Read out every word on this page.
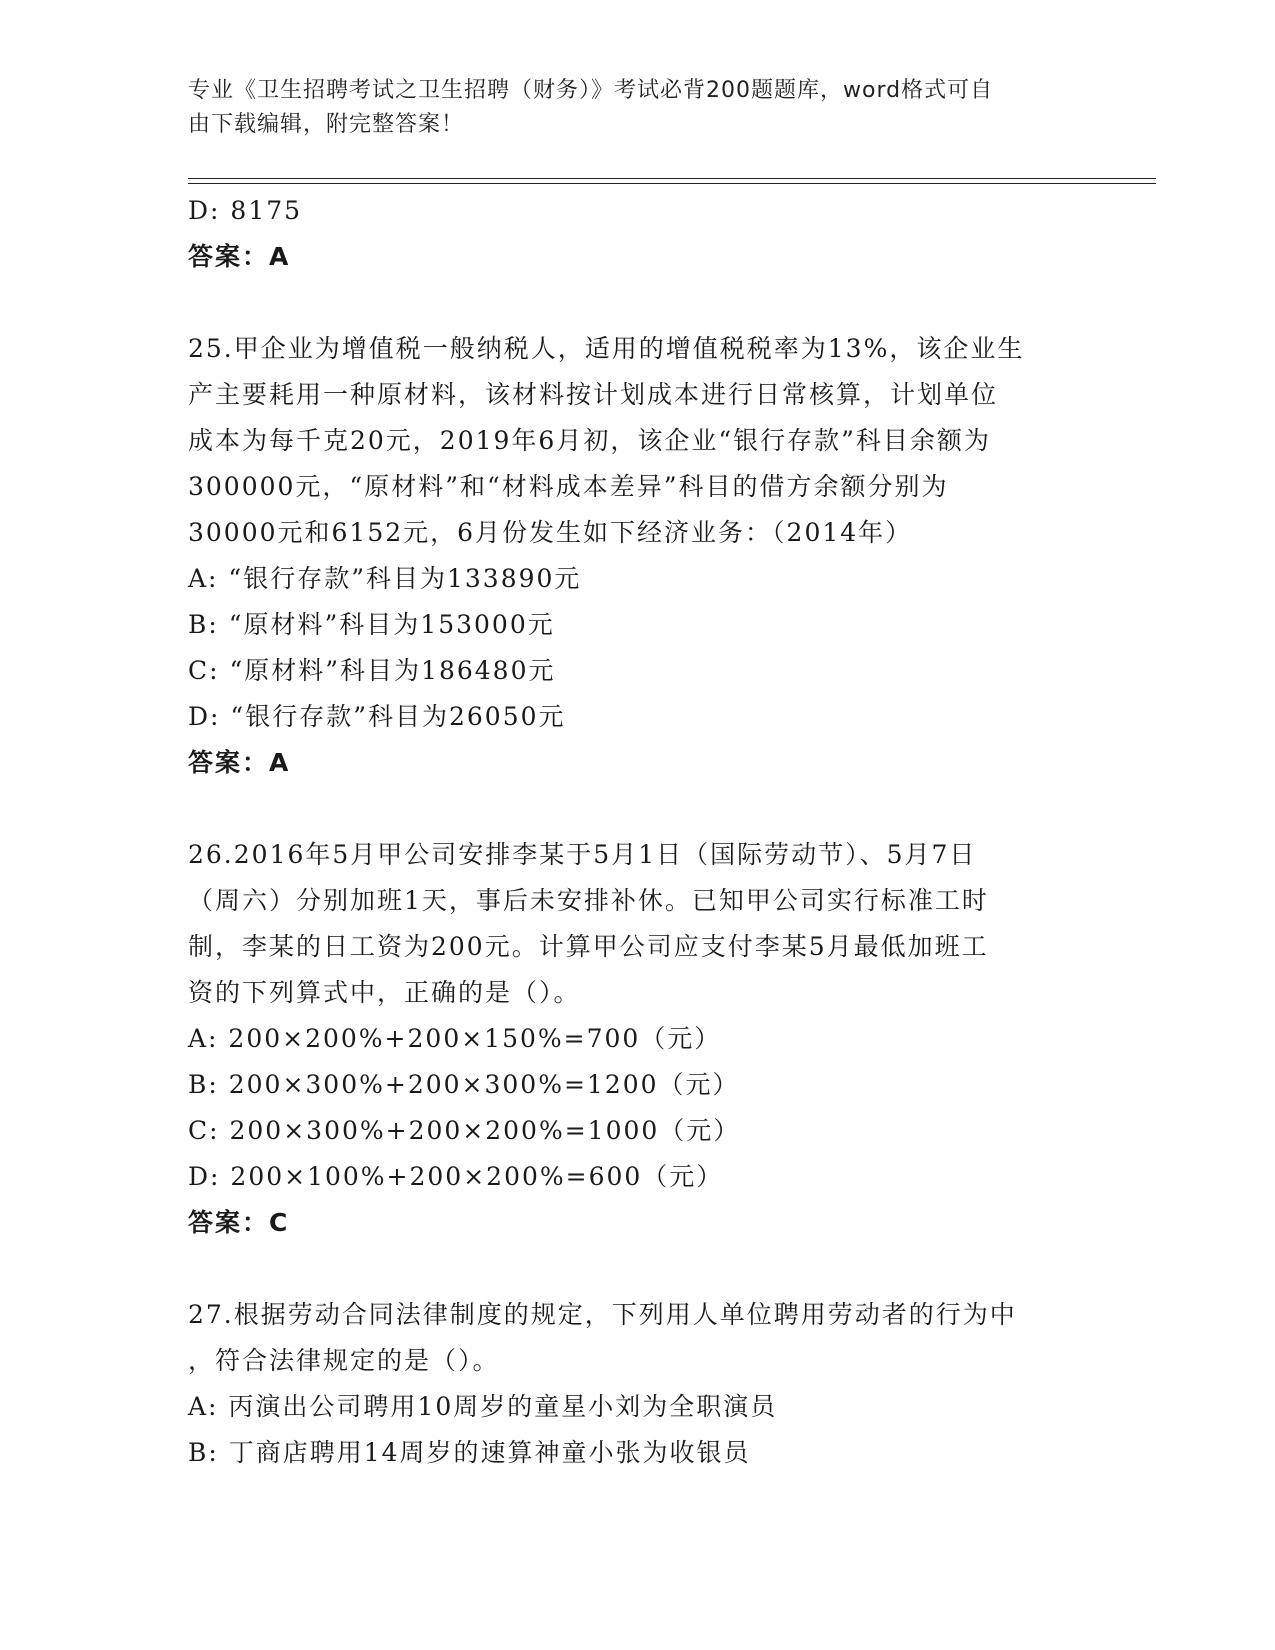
专业《卫生招聘考试之卫生招聘（财务）》考试必背200题题库，word格式可自
由下载编辑，附完整答案！
D: 8175
答案：A
25.甲企业为增值税一般纳税人，适用的增值税税率为13%，该企业生
产主要耗用一种原材料，该材料按计划成本进行日常核算，计划单位
成本为每千克20元，2019年6月初，该企业“银行存款”科目余额为
300000元，“原材料”和“材料成本差异”科目的借方余额分别为
30000元和6152元，6月份发生如下经济业务：（2014年）
A: “银行存款”科目为133890元
B: “原材料”科目为153000元
C: “原材料”科目为186480元
D: “银行存款”科目为26050元
答案：A
26.2016年5月甲公司安排李某于5月1日（国际劳动节）、5月7日
（周六）分别加班1天，事后未安排补休。已知甲公司实行标准工时
制，李某的日工资为200元。计算甲公司应支付李某5月最低加班工
资的下列算式中，正确的是（）。
A: 200×200%+200×150%=700（元）
B: 200×300%+200×300%=1200（元）
C: 200×300%+200×200%=1000（元）
D: 200×100%+200×200%=600（元）
答案：C
27.根据劳动合同法律制度的规定，下列用人单位聘用劳动者的行为中
，符合法律规定的是（）。
A: 丙演出公司聘用10周岁的童星小刘为全职演员
B: 丁商店聘用14周岁的速算神童小张为收银员
